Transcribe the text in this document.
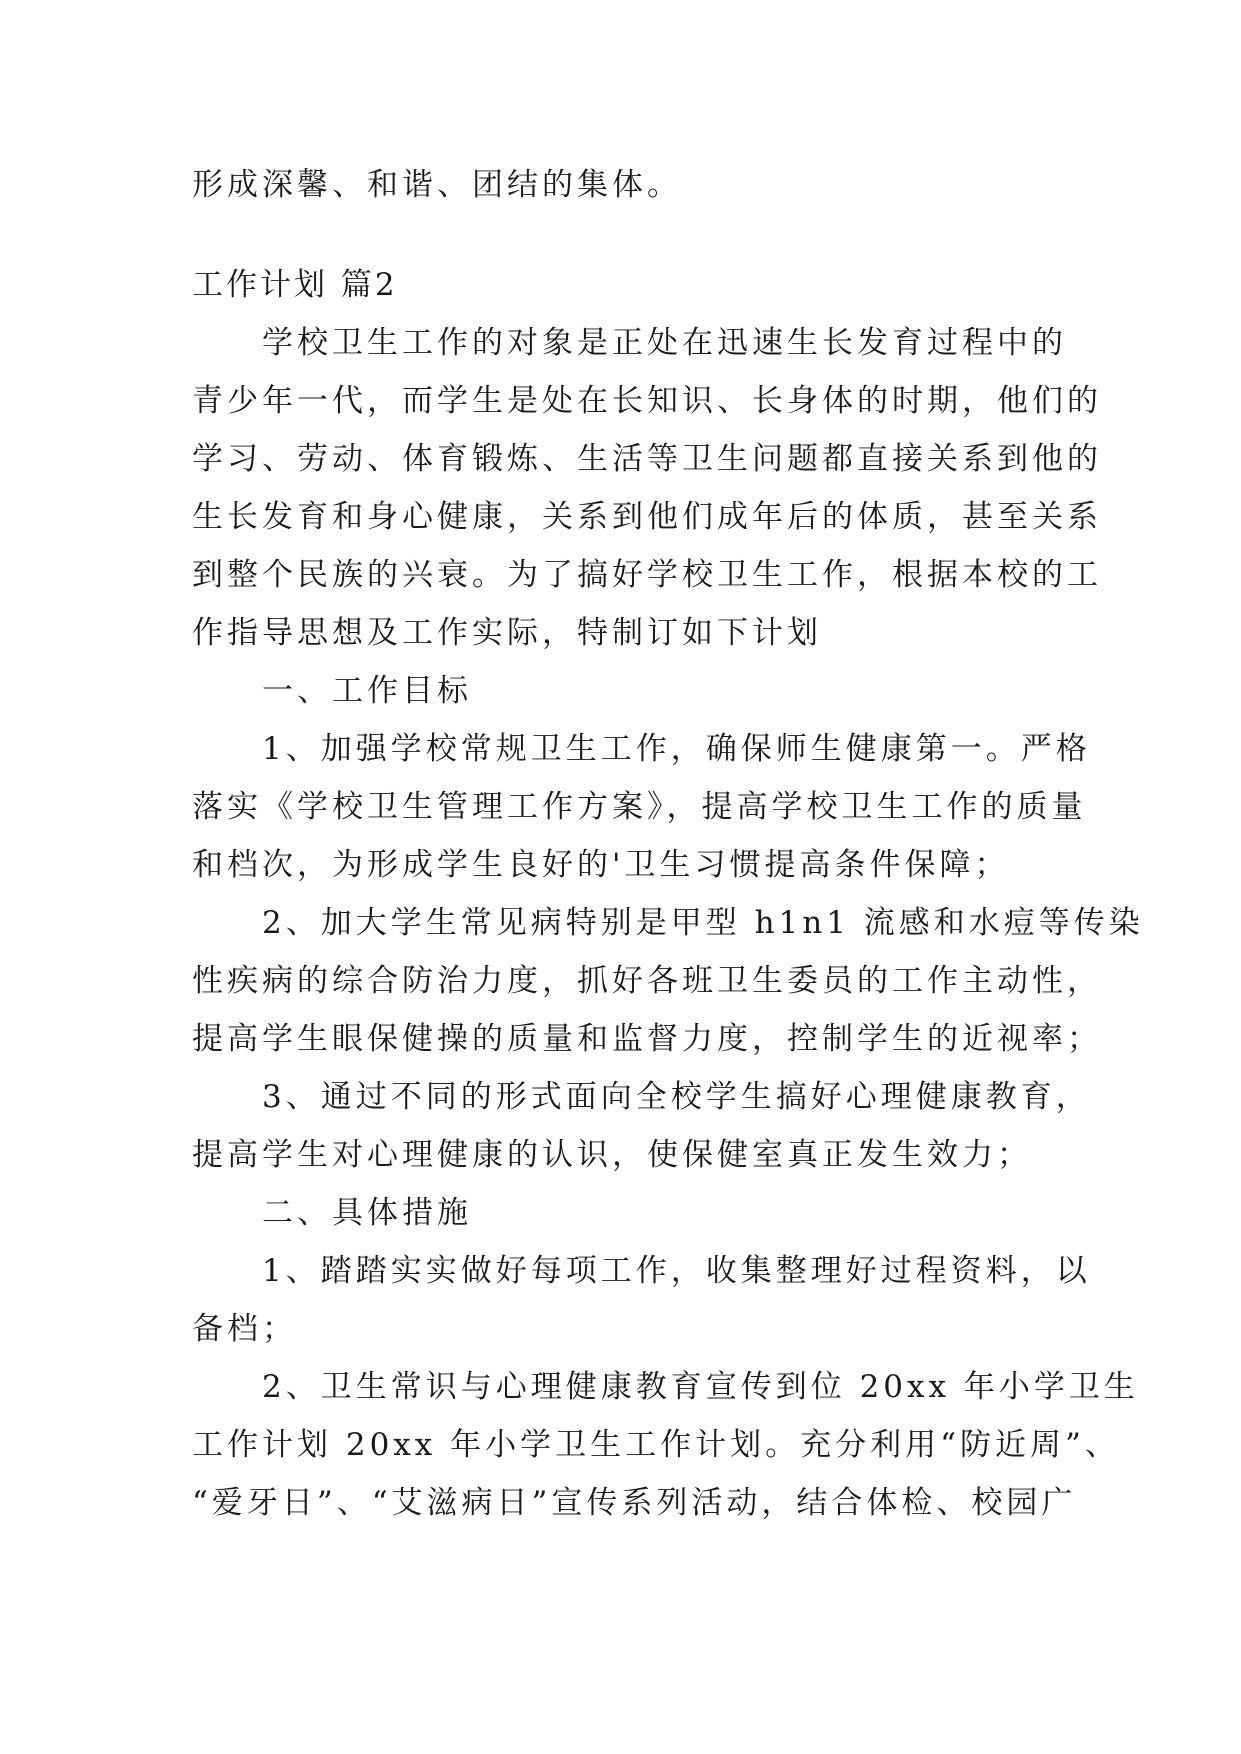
形成深馨、和谐、团结的集体。
工作计划 篇2
学校卫生工作的对象是正处在迅速生长发育过程中的
青少年一代，而学生是处在长知识、长身体的时期，他们的
学习、劳动、体育锻炼、生活等卫生问题都直接关系到他的
生长发育和身心健康，关系到他们成年后的体质，甚至关系
到整个民族的兴衰。为了搞好学校卫生工作，根据本校的工
作指导思想及工作实际，特制订如下计划
一、工作目标
1、加强学校常规卫生工作，确保师生健康第一。严格
落实《学校卫生管理工作方案》，提高学校卫生工作的质量
和档次，为形成学生良好的'卫生习惯提高条件保障；
2、加大学生常见病特别是甲型 h1n1 流感和水痘等传染
性疾病的综合防治力度，抓好各班卫生委员的工作主动性，
提高学生眼保健操的质量和监督力度，控制学生的近视率；
3、通过不同的形式面向全校学生搞好心理健康教育，
提高学生对心理健康的认识，使保健室真正发生效力；
二、具体措施
1、踏踏实实做好每项工作，收集整理好过程资料，以
备档；
2、卫生常识与心理健康教育宣传到位 20xx 年小学卫生
工作计划 20xx 年小学卫生工作计划。充分利用“防近周”、
“爱牙日”、“艾滋病日”宣传系列活动，结合体检、校园广
